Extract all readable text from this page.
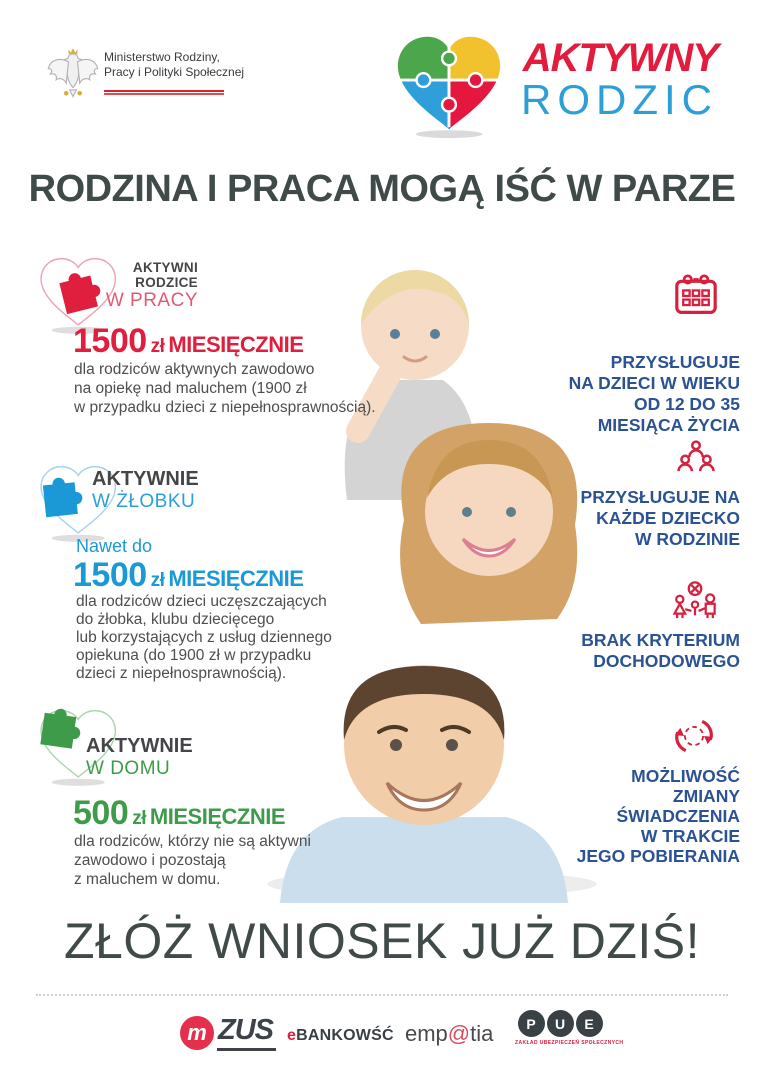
Ministerstwo Rodziny,
Pracy i Polityki Społecznej	AKTYWNY
RODZIC
RODZINA I PRACA MOGĄ IŚĆ W PARZE
AKTYWNI RODZICE
W PRACY
1500 zł MIESIĘCZNIE
dla rodziców aktywnych zawodowo
na opiekę nad maluchem (1900 zł
w przypadku dzieci z niepełnosprawnością).
AKTYWNIE
W ŻŁOBKU
Nawet do
1500 zł MIESIĘCZNIE
dla rodziców dzieci uczęszczających
do żłobka, klubu dziecięcego
lub korzystających z usług dziennego
opiekuna (do 1900 zł w przypadku
dzieci z niepełnosprawnością).
AKTYWNIE
W DOMU
500 zł MIESIĘCZNIE
dla rodziców, którzy nie są aktywni
zawodowo i pozostają
z maluchem w domu.
PRZYSŁUGUJE
NA DZIECI W WIEKU
OD 12 DO 35
MIESIĄCA ŻYCIA
PRZYSŁUGUJE NA
KAŻDE DZIECKO
W RODZINIE
BRAK KRYTERIUM
DOCHODOWEGO
MOŻLIWOŚĆ
ZMIANY
ŚWIADCZENIA
W TRAKCIE
JEGO POBIERANIA
ZŁÓŻ WNIOSEK JUŻ DZIŚ!
m ZUS eBANKOWŚĆ emp@tia	P	U	E
ZAKŁAD UBEZPIECZEŃ SPOŁECZNYCH
